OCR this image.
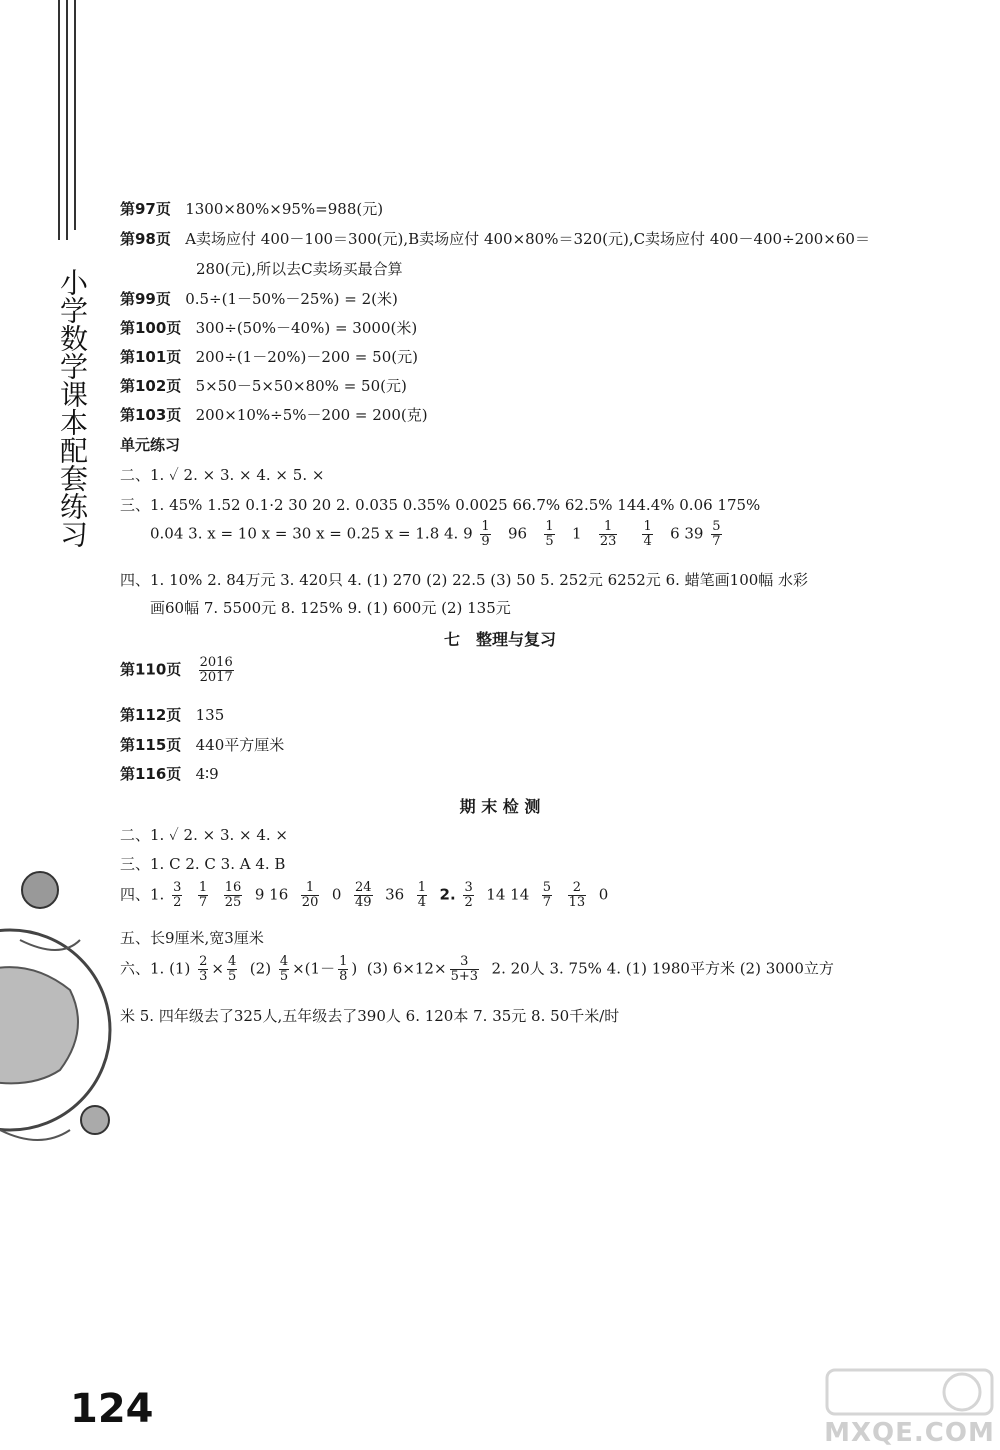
小学数学课本配套练习
第97页 1300×80%×95%=988(元)
第98页 A卖场应付 400－100＝300(元),B卖场应付 400×80%＝320(元),C卖场应付 400－400÷200×60＝
280(元),所以去C卖场买最合算
第99页 0.5÷(1－50%－25%) = 2(米)
第100页 300÷(50%－40%) = 3000(米)
第101页 200÷(1－20%)－200 = 50(元)
第102页 5×50－5×50×80% = 50(元)
第103页 200×10%÷5%－200 = 200(克)
单元练习
二、1. ✓ 2. × 3. × 4. × 5. ×
三、1. 45% 1.52 0.1·2 30 20 2. 0.035 0.35% 0.0025 66.7% 62.5% 144.4% 0.06 175%
0.04 3. x = 10 x = 30 x = 0.25 x = 1.8 4. $9 \frac{1}{9} 96 \frac{1}{5} 1 \frac{1}{23}$
$\frac{1}{4} 6$ $39 \frac{5}{7}$
四、1. 10% 2. 84万元 3. 420只 4. (1) 270 (2) 22.5 (3) 50 5. 252元 6252元 6. 蜡笔画100幅 水彩
画60幅 7. 5500元 8. 125% 9. (1) 600元 (2) 135元
七　整理与复习
第110页 $\frac{2016}{2017}$
第112页 135
第115页 440平方厘米
第116页 4∶9
期 末 检 测
二、1. ✓ 2. × 3. × 4. ×
三、1. C 2. C 3. A 4. B
四、1. $\frac{3}{2}$
$\frac{1}{7}$
$\frac{16}{25} 9$ $16 \frac{1}{20} 0 \frac{24}{49} 36 \frac{1}{4} 2$. $\frac{3}{2} 14$ $14 \frac{5}{7}$
$\frac{2}{13} 0$
五、长9厘米,宽3厘米
六、1. $(1) \frac{2}{3} \times \frac{4}{5} (2) \frac{4}{5} \times(1- \frac{1}{8}$ ) (3) $6\times 12\times \frac{3}{5+3} 2$. 20人 3. 75% 4. (1) 1980平方米 (2) 3000立方
米 5. 四年级去了325人,五年级去了390人 6. 120本 7. 35元 8. 50千米/时
124
MXQE.COM
